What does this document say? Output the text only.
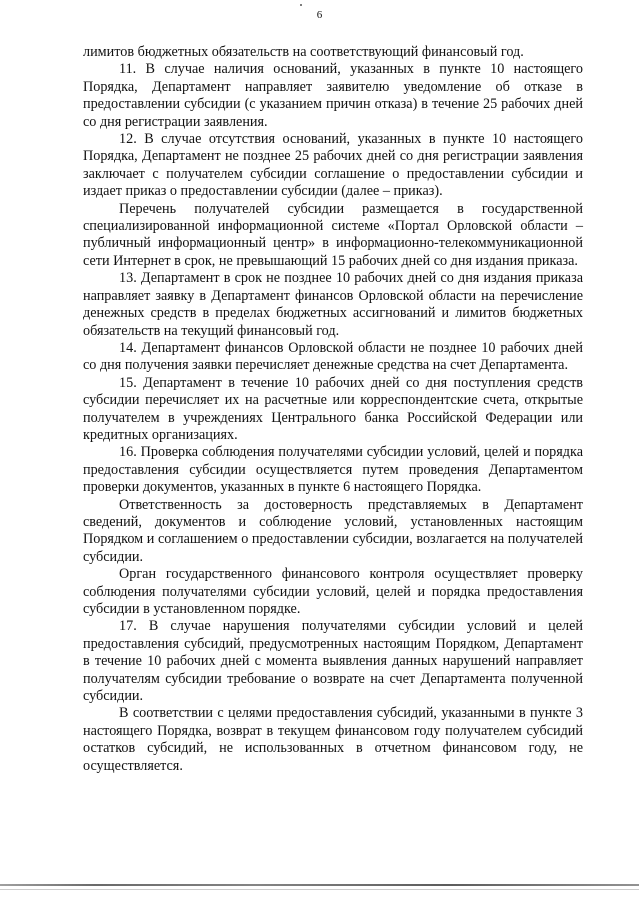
6

лимитов бюджетных обязательств на соответствующий финансовый год.

11. В случае наличия оснований, указанных в пункте 10 настоящего Порядка, Департамент направляет заявителю уведомление об отказе в предоставлении субсидии (с указанием причин отказа) в течение 25 рабочих дней со дня регистрации заявления.

12. В случае отсутствия оснований, указанных в пункте 10 настоящего Порядка, Департамент не позднее 25 рабочих дней со дня регистрации заявления заключает с получателем субсидии соглашение о предоставлении субсидии и издает приказ о предоставлении субсидии (далее – приказ).

Перечень получателей субсидии размещается в государственной специализированной информационной системе «Портал Орловской области – публичный информационный центр» в информационно-телекоммуникационной сети Интернет в срок, не превышающий 15 рабочих дней со дня издания приказа.

13. Департамент в срок не позднее 10 рабочих дней со дня издания приказа направляет заявку в Департамент финансов Орловской области на перечисление денежных средств в пределах бюджетных ассигнований и лимитов бюджетных обязательств на текущий финансовый год.

14. Департамент финансов Орловской области не позднее 10 рабочих дней со дня получения заявки перечисляет денежные средства на счет Департамента.

15. Департамент в течение 10 рабочих дней со дня поступления средств субсидии перечисляет их на расчетные или корреспондентские счета, открытые получателем в учреждениях Центрального банка Российской Федерации или кредитных организациях.

16. Проверка соблюдения получателями субсидии условий, целей и порядка предоставления субсидии осуществляется путем проведения Департаментом проверки документов, указанных в пункте 6 настоящего Порядка.

Ответственность за достоверность представляемых в Департамент сведений, документов и соблюдение условий, установленных настоящим Порядком и соглашением о предоставлении субсидии, возлагается на получателей субсидии.

Орган государственного финансового контроля осуществляет проверку соблюдения получателями субсидии условий, целей и порядка предоставления субсидии в установленном порядке.

17. В случае нарушения получателями субсидии условий и целей предоставления субсидий, предусмотренных настоящим Порядком, Департамент в течение 10 рабочих дней с момента выявления данных нарушений направляет получателям субсидии требование о возврате на счет Департамента полученной субсидии.

В соответствии с целями предоставления субсидий, указанными в пункте 3 настоящего Порядка, возврат в текущем финансовом году получателем субсидий остатков субсидий, не использованных в отчетном финансовом году, не осуществляется.
